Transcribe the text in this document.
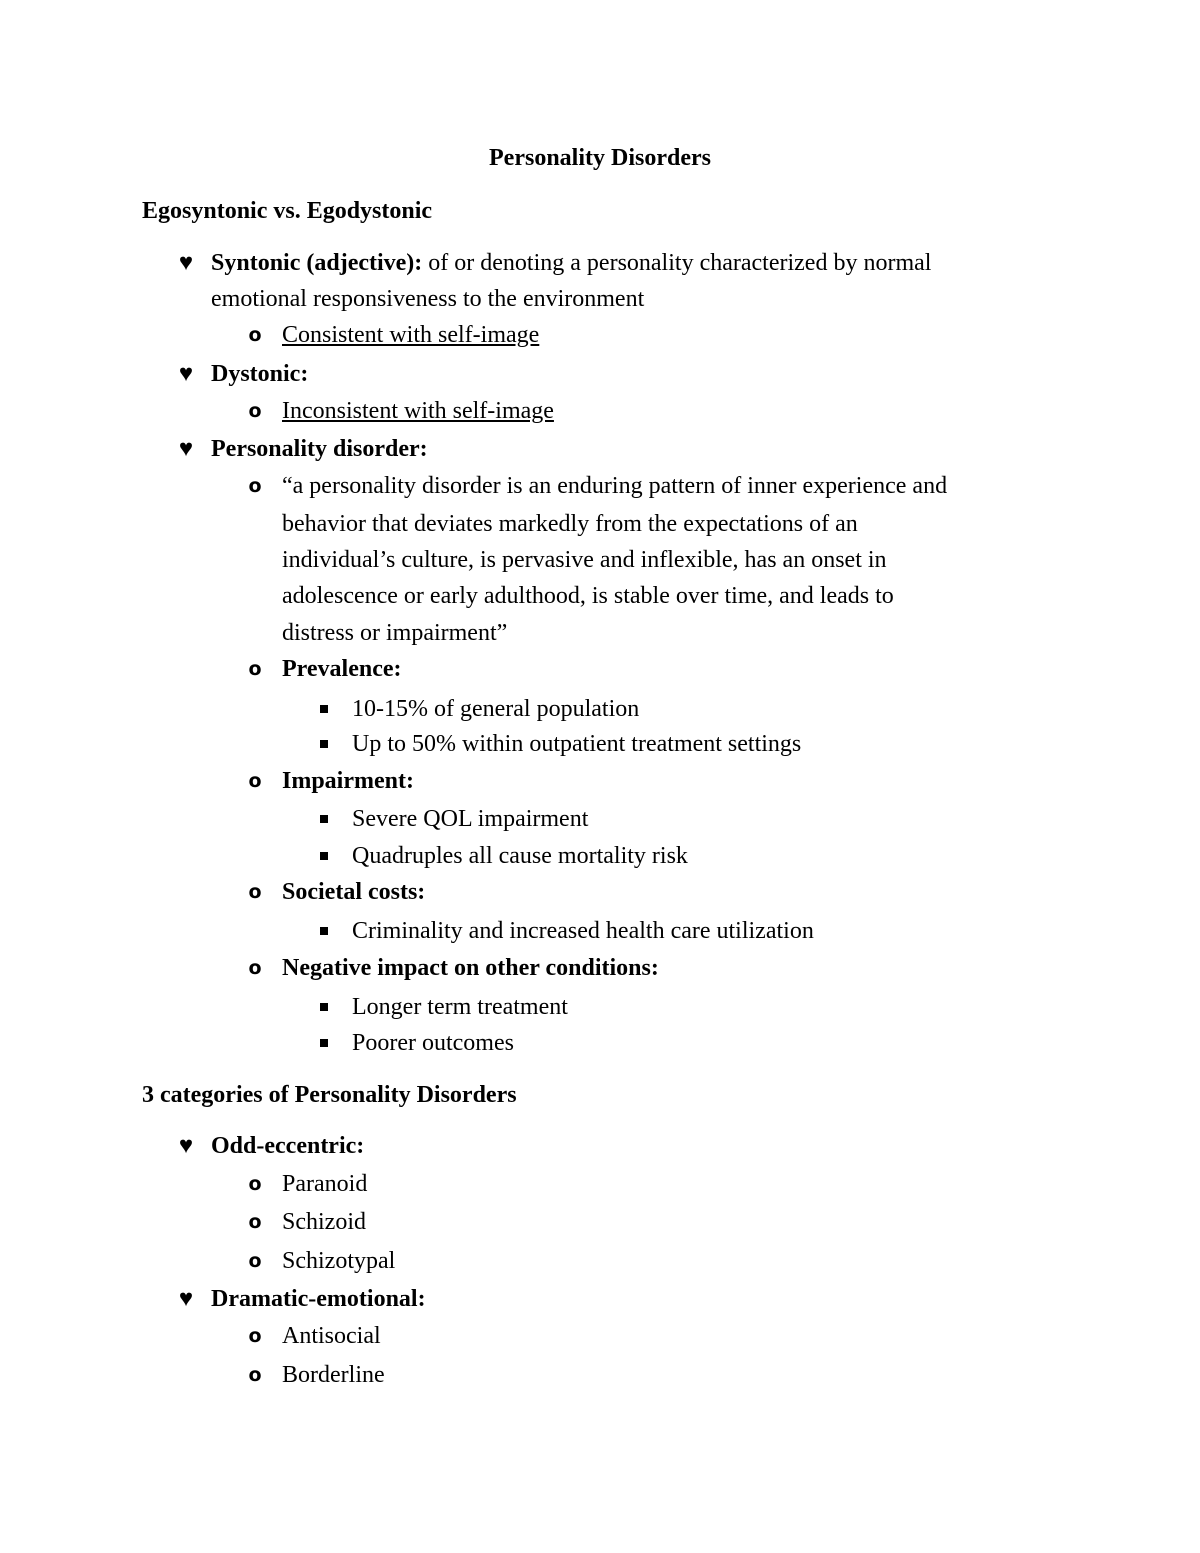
Personality Disorders
Egosyntonic vs. Egodystonic
♥ Syntonic (adjective): of or denoting a personality characterized by normal
emotional responsiveness to the environment
o Consistent with self-image
♥ Dystonic:
o Inconsistent with self-image
♥ Personality disorder:
o “a personality disorder is an enduring pattern of inner experience and
behavior that deviates markedly from the expectations of an
individual’s culture, is pervasive and inflexible, has an onset in
adolescence or early adulthood, is stable over time, and leads to
distress or impairment”
o Prevalence:
10-15% of general population
Up to 50% within outpatient treatment settings
o Impairment:
Severe QOL impairment
Quadruples all cause mortality risk
o Societal costs:
Criminality and increased health care utilization
o Negative impact on other conditions:
Longer term treatment
Poorer outcomes
3 categories of Personality Disorders
♥ Odd-eccentric:
o Paranoid
o Schizoid
o Schizotypal
♥ Dramatic-emotional:
o Antisocial
o Borderline
